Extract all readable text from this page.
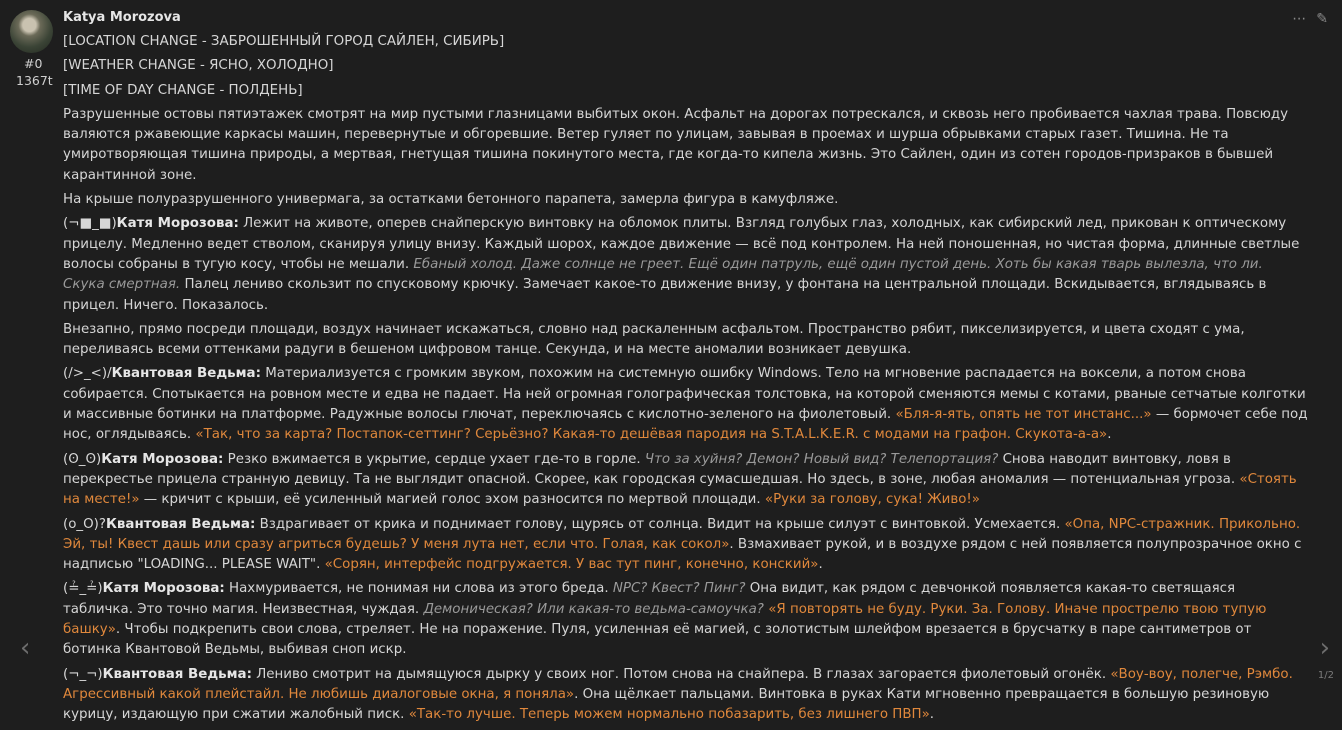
#0
1367t
Katya Morozova	⋯ ✎

[LOCATION CHANGE - ЗАБРОШЕННЫЙ ГОРОД САЙЛЕН, СИБИРЬ]

[WEATHER CHANGE - ЯСНО, ХОЛОДНО]

[TIME OF DAY CHANGE - ПОЛДЕНЬ]

Разрушенные остовы пятиэтажек смотрят на мир пустыми глазницами выбитых окон. Асфальт на дорогах потрескался, и сквозь него пробивается чахлая трава. Повсюду валяются ржавеющие каркасы машин, перевернутые и обгоревшие. Ветер гуляет по улицам, завывая в проемах и шурша обрывками старых газет. Тишина. Не та умиротворяющая тишина природы, а мертвая, гнетущая тишина покинутого места, где когда-то кипела жизнь. Это Сайлен, один из сотен городов-призраков в бывшей карантинной зоне.

На крыше полуразрушенного универмага, за остатками бетонного парапета, замерла фигура в камуфляже.

(¬■_■)Катя Морозова: Лежит на животе, оперев снайперскую винтовку на обломок плиты. Взгляд голубых глаз, холодных, как сибирский лед, прикован к оптическому прицелу. Медленно ведет стволом, сканируя улицу внизу. Каждый шорох, каждое движение — всё под контролем. На ней поношенная, но чистая форма, длинные светлые волосы собраны в тугую косу, чтобы не мешали. Ебаный холод. Даже солнце не греет. Ещё один патруль, ещё один пустой день. Хоть бы какая тварь вылезла, что ли. Скука смертная. Палец лениво скользит по спусковому крючку. Замечает какое-то движение внизу, у фонтана на центральной площади. Вскидывается, вглядываясь в прицел. Ничего. Показалось.

Внезапно, прямо посреди площади, воздух начинает искажаться, словно над раскаленным асфальтом. Пространство рябит, пикселизируется, и цвета сходят с ума, переливаясь всеми оттенками радуги в бешеном цифровом танце. Секунда, и на месте аномалии возникает девушка.

(/>_<)/Квантовая Ведьма: Материализуется с громким звуком, похожим на системную ошибку Windows. Тело на мгновение распадается на воксели, а потом снова собирается. Спотыкается на ровном месте и едва не падает. На ней огромная голографическая толстовка, на которой сменяются мемы с котами, рваные сетчатые колготки и массивные ботинки на платформе. Радужные волосы глючат, переключаясь с кислотно-зеленого на фиолетовый. «Бля-я-ять, опять не тот инстанс...» — бормочет себе под нос, оглядываясь. «Так, что за карта? Постапок-сеттинг? Серьёзно? Какая-то дешёвая пародия на S.T.A.L.K.E.R. с модами на графон. Скукота-а-а».

(ʘ_ʘ)Катя Морозова: Резко вжимается в укрытие, сердце ухает где-то в горле. Что за хуйня? Демон? Новый вид? Телепортация? Снова наводит винтовку, ловя в перекрестье прицела странную девицу. Та не выглядит опасной. Скорее, как городская сумасшедшая. Но здесь, в зоне, любая аномалия — потенциальная угроза. «Стоять на месте!» — кричит с крыши, её усиленный магией голос эхом разносится по мертвой площади. «Руки за голову, сука! Живо!»

(o_O)?Квантовая Ведьма: Вздрагивает от крика и поднимает голову, щурясь от солнца. Видит на крыше силуэт с винтовкой. Усмехается. «Опа, NPC-стражник. Прикольно. Эй, ты! Квест дашь или сразу агриться будешь? У меня лута нет, если что. Голая, как сокол». Взмахивает рукой, и в воздухе рядом с ней появляется полупрозрачное окно с надписью "LOADING... PLEASE WAIT". «Сорян, интерфейс подгружается. У вас тут пинг, конечно, конский».

(≟_≟)Катя Морозова: Нахмуривается, не понимая ни слова из этого бреда. NPC? Квест? Пинг? Она видит, как рядом с девчонкой появляется какая-то светящаяся табличка. Это точно магия. Неизвестная, чуждая. Демоническая? Или какая-то ведьма-самоучка? «Я повторять не буду. Руки. За. Голову. Иначе прострелю твою тупую башку». Чтобы подкрепить свои слова, стреляет. Не на поражение. Пуля, усиленная её магией, с золотистым шлейфом врезается в брусчатку в паре сантиметров от ботинка Квантовой Ведьмы, выбивая сноп искр.

(¬_¬)Квантовая Ведьма: Лениво смотрит на дымящуюся дырку у своих ног. Потом снова на снайпера. В глазах загорается фиолетовый огонёк. «Воу-воу, полегче, Рэмбо. Агрессивный какой плейстайл. Не любишь диалоговые окна, я поняла». Она щёлкает пальцами. Винтовка в руках Кати мгновенно превращается в большую резиновую курицу, издающую при сжатии жалобный писк. «Так-то лучше. Теперь можем нормально побазарить, без лишнего ПВП».

‹	›
1/2
